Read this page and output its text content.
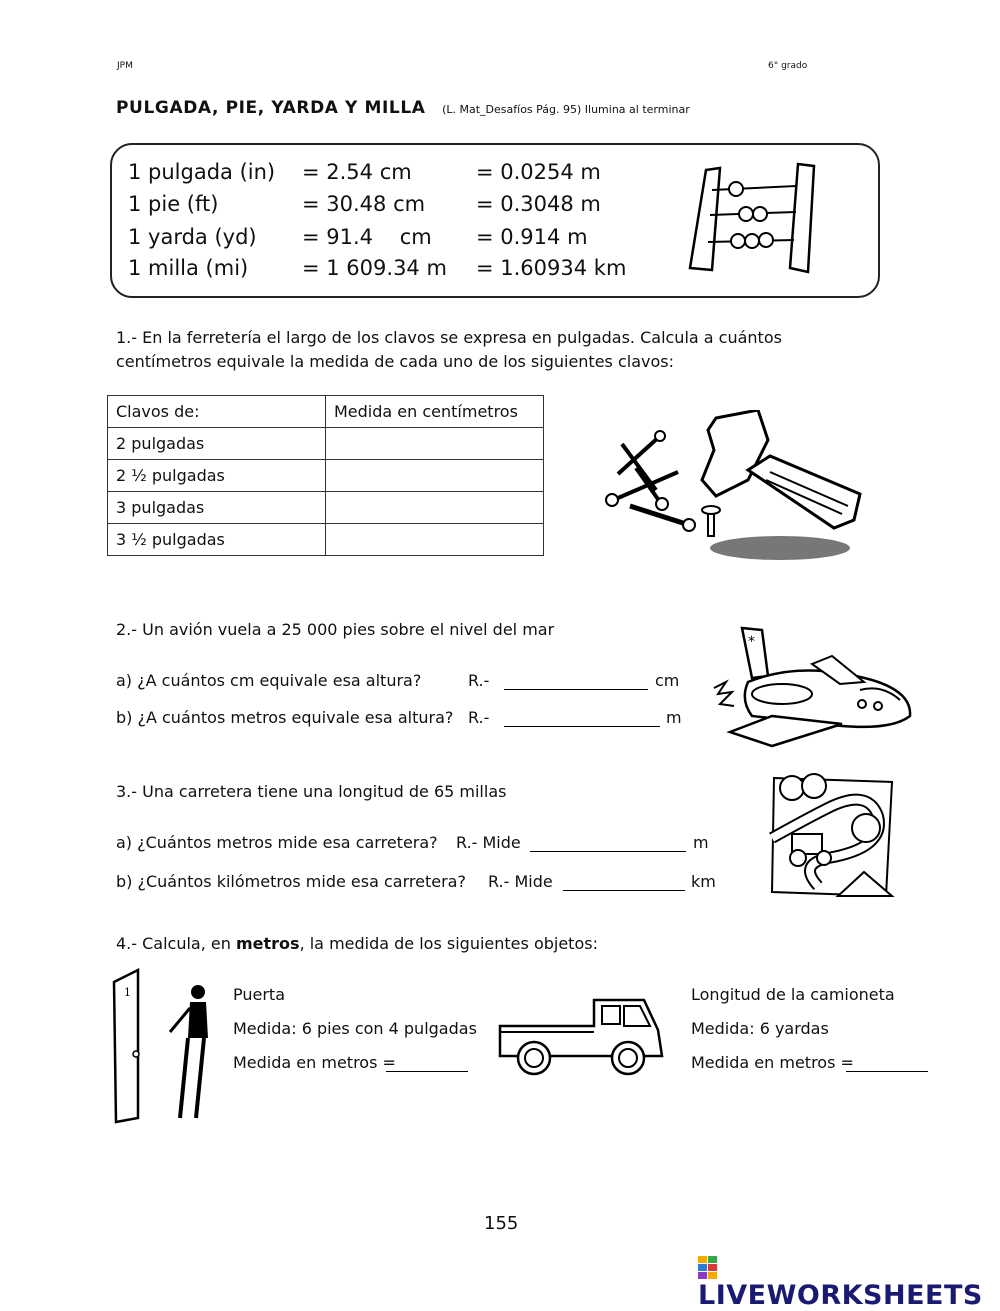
JPM	6° grado
PULGADA, PIE, YARDA Y MILLA (L. Mat_Desafíos Pág. 95) Ilumina al terminar
1 pulgada (in) = 2.54 cm	= 0.0254 m
1 pie (ft)	= 30.48 cm = 0.3048 m
1 yarda (yd) = 91.4    cm = 0.914 m
1 milla (mi)	= 1 609.34 m = 1.60934 km
1.- En la ferretería el largo de los clavos se expresa en pulgadas. Calcula a cuántos
centímetros equivale la medida de cada uno de los siguientes clavos:
Clavos de:	Medida en centímetros
2 pulgadas	
2 ½ pulgadas	
3 pulgadas	
3 ½ pulgadas	
2.- Un avión vuela a 25 000 pies sobre el nivel del mar
a) ¿A cuántos cm equivale esa altura?	R.-	cm
b) ¿A cuántos metros equivale esa altura? R.-	m
*
3.- Una carretera tiene una longitud de 65 millas
a) ¿Cuántos metros mide esa carretera? R.- Mide	m
b) ¿Cuántos kilómetros mide esa carretera? R.- Mide	km
4.- Calcula, en metros, la medida de los siguientes objetos:
1	Puerta
Medida: 6 pies con 4 pulgadas
Medida en metros =
Longitud de la camioneta
Medida: 6 yardas
Medida en metros =
155
LIVEWORKSHEETS
